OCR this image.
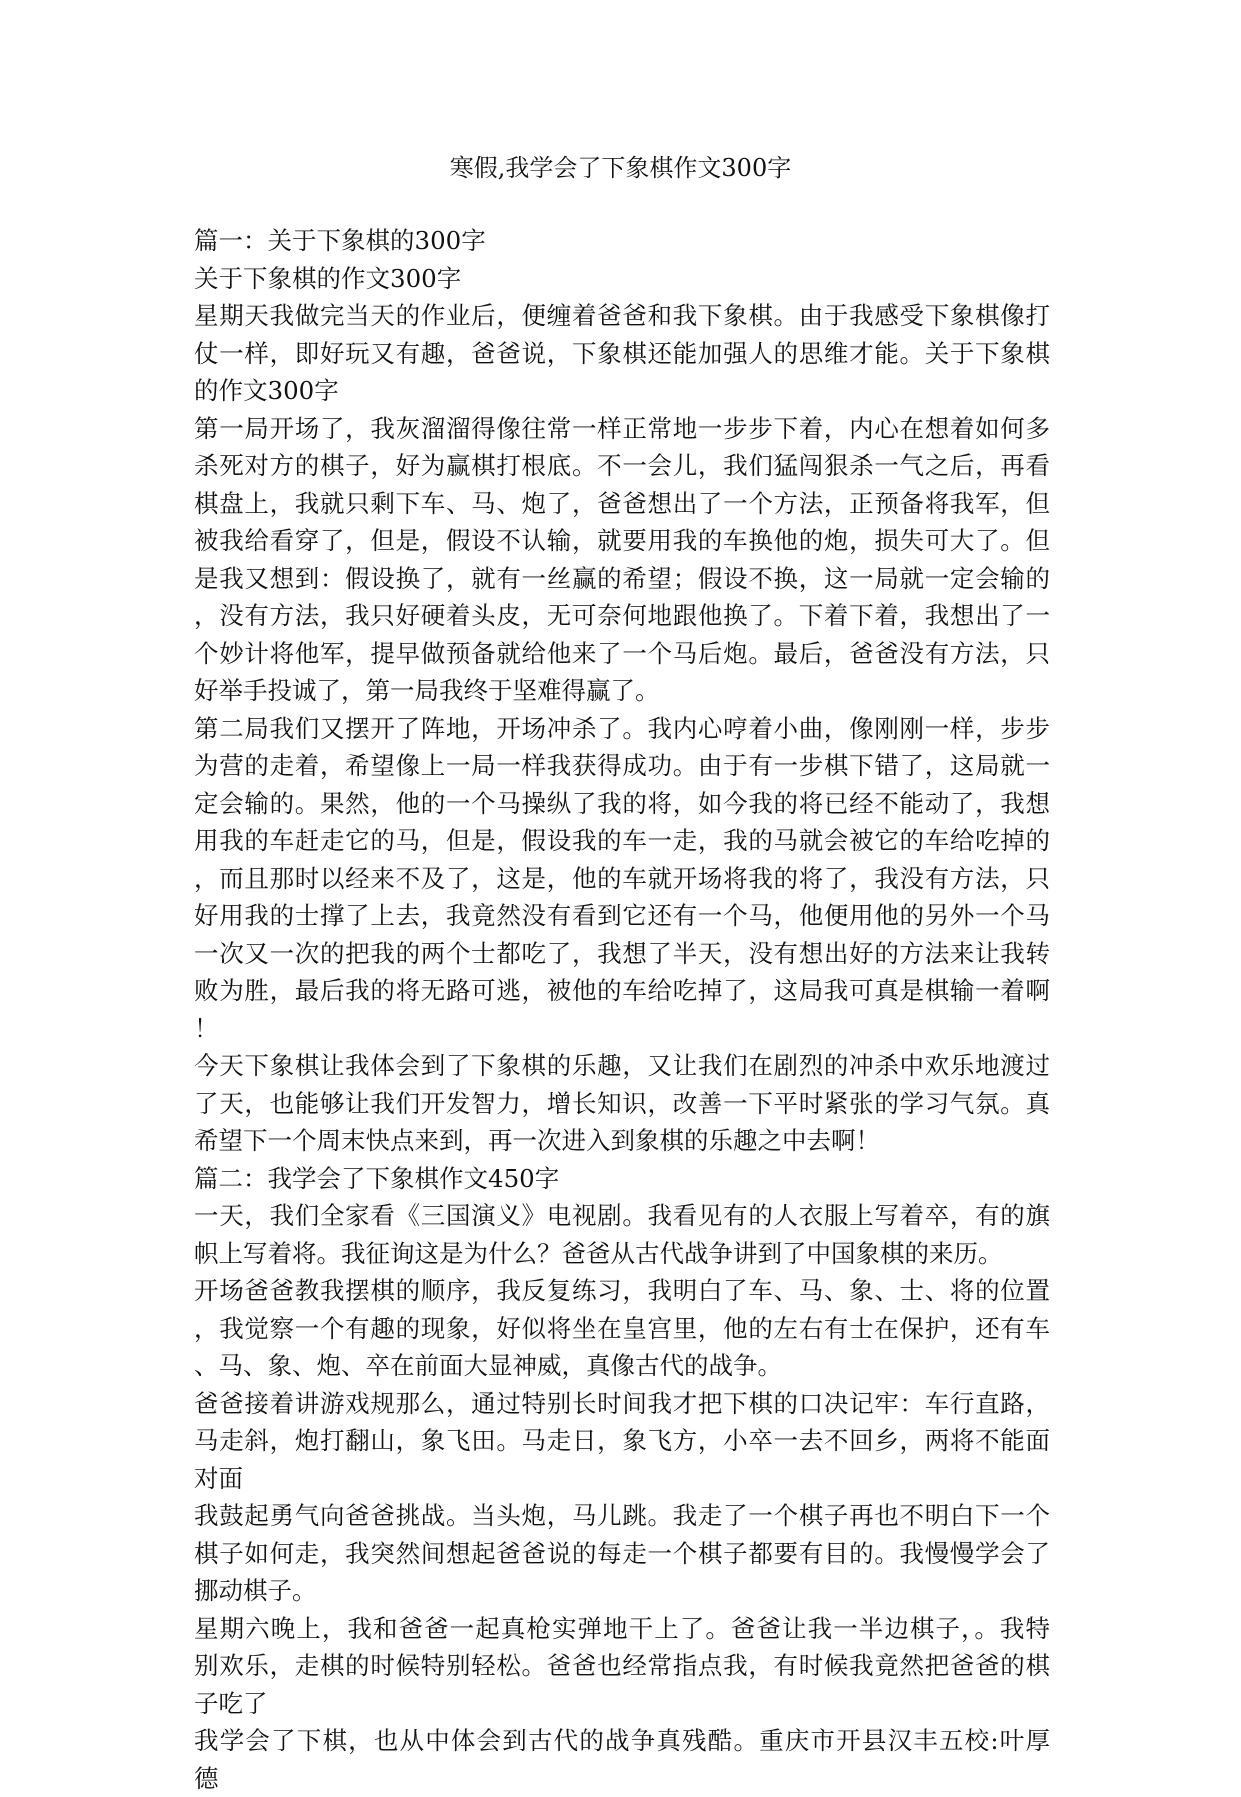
寒假,我学会了下象棋作文300字
篇一：关于下象棋的300字
关于下象棋的作文300字
星期天我做完当天的作业后，便缠着爸爸和我下象棋。由于我感受下象棋像打
仗一样，即好玩又有趣，爸爸说，下象棋还能加强人的思维才能。关于下象棋
的作文300字
第一局开场了，我灰溜溜得像往常一样正常地一步步下着，内心在想着如何多
杀死对方的棋子，好为赢棋打根底。不一会儿，我们猛闯狠杀一气之后，再看
棋盘上，我就只剩下车、马、炮了，爸爸想出了一个方法，正预备将我军，但
被我给看穿了，但是，假设不认输，就要用我的车换他的炮，损失可大了。但
是我又想到：假设换了，就有一丝赢的希望；假设不换，这一局就一定会输的
，没有方法，我只好硬着头皮，无可奈何地跟他换了。下着下着，我想出了一
个妙计将他军，提早做预备就给他来了一个马后炮。最后，爸爸没有方法，只
好举手投诚了，第一局我终于坚难得赢了。
第二局我们又摆开了阵地，开场冲杀了。我内心哼着小曲，像刚刚一样，步步
为营的走着，希望像上一局一样我获得成功。由于有一步棋下错了，这局就一
定会输的。果然，他的一个马操纵了我的将，如今我的将已经不能动了，我想
用我的车赶走它的马，但是，假设我的车一走，我的马就会被它的车给吃掉的
，而且那时以经来不及了，这是，他的车就开场将我的将了，我没有方法，只
好用我的士撑了上去，我竟然没有看到它还有一个马，他便用他的另外一个马
一次又一次的把我的两个士都吃了，我想了半天，没有想出好的方法来让我转
败为胜，最后我的将无路可逃，被他的车给吃掉了，这局我可真是棋输一着啊
！
今天下象棋让我体会到了下象棋的乐趣，又让我们在剧烈的冲杀中欢乐地渡过
了天，也能够让我们开发智力，增长知识，改善一下平时紧张的学习气氛。真
希望下一个周末快点来到，再一次进入到象棋的乐趣之中去啊！
篇二：我学会了下象棋作文450字
一天，我们全家看《三国演义》电视剧。我看见有的人衣服上写着卒，有的旗
帜上写着将。我征询这是为什么？爸爸从古代战争讲到了中国象棋的来历。
开场爸爸教我摆棋的顺序，我反复练习，我明白了车、马、象、士、将的位置
，我觉察一个有趣的现象，好似将坐在皇宫里，他的左右有士在保护，还有车
、马、象、炮、卒在前面大显神威，真像古代的战争。
爸爸接着讲游戏规那么，通过特别长时间我才把下棋的口决记牢：车行直路，
马走斜，炮打翻山，象飞田。马走日，象飞方，小卒一去不回乡，两将不能面
对面
我鼓起勇气向爸爸挑战。当头炮，马儿跳。我走了一个棋子再也不明白下一个
棋子如何走，我突然间想起爸爸说的每走一个棋子都要有目的。我慢慢学会了
挪动棋子。
星期六晚上，我和爸爸一起真枪实弹地干上了。爸爸让我一半边棋子，。我特
别欢乐，走棋的时候特别轻松。爸爸也经常指点我，有时候我竟然把爸爸的棋
子吃了
我学会了下棋，也从中体会到古代的战争真残酷。重庆市开县汉丰五校:叶厚
德
